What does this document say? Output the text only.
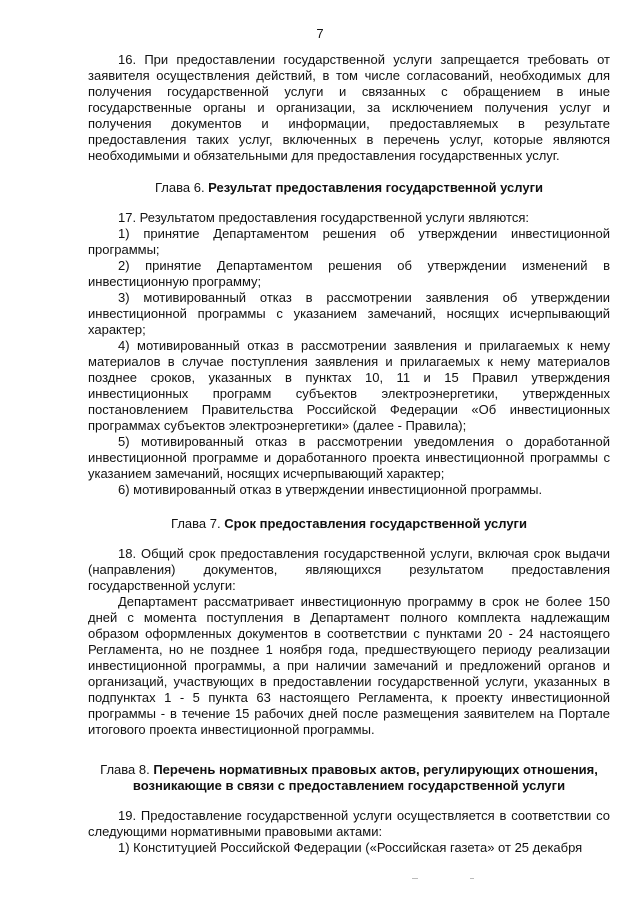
7

16. При предоставлении государственной услуги запрещается требовать от заявителя осуществления действий, в том числе согласований, необходимых для получения государственной услуги и связанных с обращением в иные государственные органы и организации, за исключением получения услуг и получения документов и информации, предоставляемых в результате предоставления таких услуг, включенных в перечень услуг, которые являются необходимыми и обязательными для предоставления государственных услуг.

Глава 6. Результат предоставления государственной услуги

17. Результатом предоставления государственной услуги являются:

1) принятие Департаментом решения об утверждении инвестиционной программы;

2) принятие Департаментом решения об утверждении изменений в инвестиционную программу;

3) мотивированный отказ в рассмотрении заявления об утверждении инвестиционной программы с указанием замечаний, носящих исчерпывающий характер;

4) мотивированный отказ в рассмотрении заявления и прилагаемых к нему материалов в случае поступления заявления и прилагаемых к нему материалов позднее сроков, указанных в пунктах 10, 11 и 15 Правил утверждения инвестиционных программ субъектов электроэнергетики, утвержденных постановлением Правительства Российской Федерации «Об инвестиционных программах субъектов электроэнергетики» (далее - Правила);

5) мотивированный отказ в рассмотрении уведомления о доработанной инвестиционной программе и доработанного проекта инвестиционной программы с указанием замечаний, носящих исчерпывающий характер;

6) мотивированный отказ в утверждении инвестиционной программы.

Глава 7. Срок предоставления государственной услуги

18. Общий срок предоставления государственной услуги, включая срок выдачи (направления) документов, являющихся результатом предоставления государственной услуги:

Департамент рассматривает инвестиционную программу в срок не более 150 дней с момента поступления в Департамент полного комплекта надлежащим образом оформленных документов в соответствии с пунктами 20 - 24 настоящего Регламента, но не позднее 1 ноября года, предшествующего периоду реализации инвестиционной программы, а при наличии замечаний и предложений органов и организаций, участвующих в предоставлении государственной услуги, указанных в подпунктах 1 - 5 пункта 63 настоящего Регламента, к проекту инвестиционной программы - в течение 15 рабочих дней после размещения заявителем на Портале итогового проекта инвестиционной программы.

Глава 8. Перечень нормативных правовых актов, регулирующих отношения,
возникающие в связи с предоставлением государственной услуги

19. Предоставление государственной услуги осуществляется в соответствии со следующими нормативными правовыми актами:

1) Конституцией Российской Федерации («Российская газета» от 25 декабря
